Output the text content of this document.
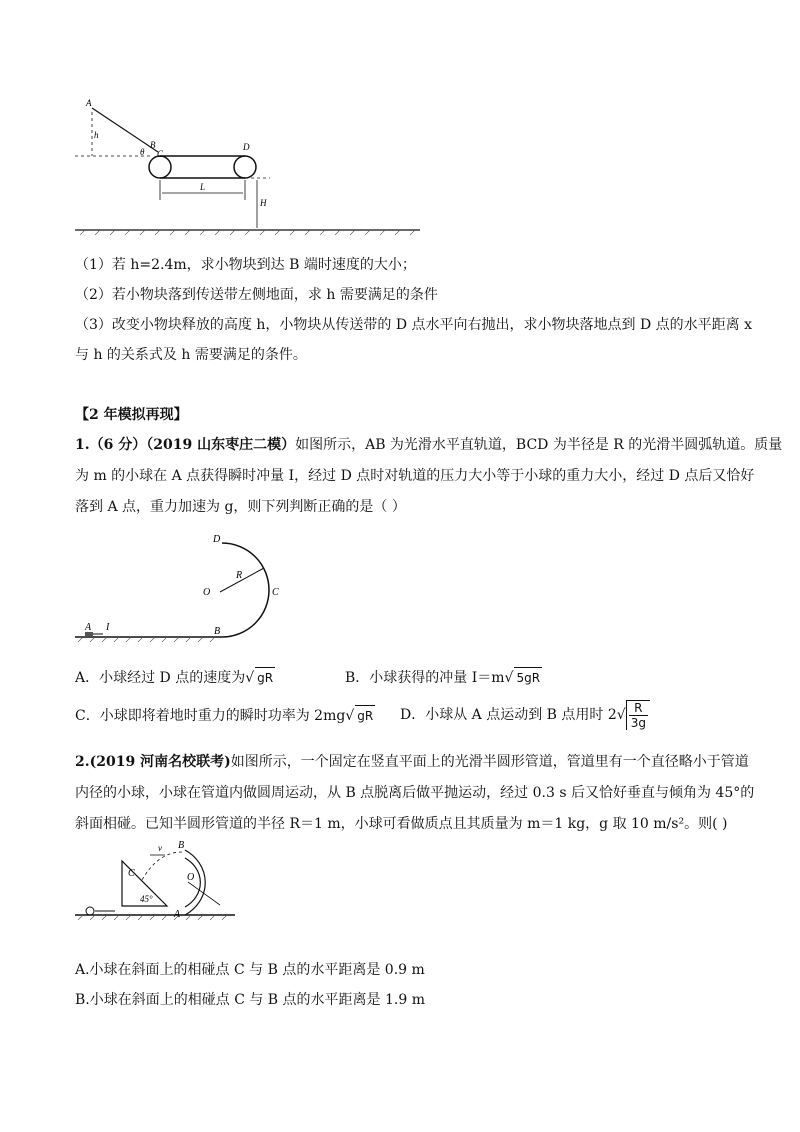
A
h
θ
B
C
D
L
H
（1）若 h=2.4m，求小物块到达 B 端时速度的大小；
（2）若小物块落到传送带左侧地面，求 h 需要满足的条件
（3）改变小物块释放的高度 h，小物块从传送带的 D 点水平向右抛出，求小物块落地点到 D 点的水平距离 x
与 h 的关系式及 h 需要满足的条件。
【2 年模拟再现】
1.（6 分）（2019 山东枣庄二模）如图所示，AB 为光滑水平直轨道，BCD 为半径是 R 的光滑半圆弧轨道。质量
为 m 的小球在 A 点获得瞬时冲量 I，经过 D 点时对轨道的压力大小等于小球的重力大小，经过 D 点后又恰好
落到 A 点，重力加速为 g，则下列判断正确的是（ ）
D
R
O	C
A I	B
A．小球经过 D 点的速度为√ gR	B．小球获得的冲量 I＝m√ 5gR
C．小球即将着地时重力的瞬时功率为 2mg√ gR D．小球从 A 点运动到 B 点用时 $2√ \frac{R}{3g}$
2.(2019 河南名校联考)如图所示，一个固定在竖直平面上的光滑半圆形管道，管道里有一个直径略小于管道
内径的小球，小球在管道内做圆周运动，从 B 点脱离后做平抛运动，经过 0.3 s 后又恰好垂直与倾角为 45°的
斜面相碰。已知半圆形管道的半径 R＝1 m，小球可看做质点且其质量为 m＝1 kg，g 取 10 m/s²。则( )
v B
C	O
45°
A
A.小球在斜面上的相碰点 C 与 B 点的水平距离是 0.9 m
B.小球在斜面上的相碰点 C 与 B 点的水平距离是 1.9 m
